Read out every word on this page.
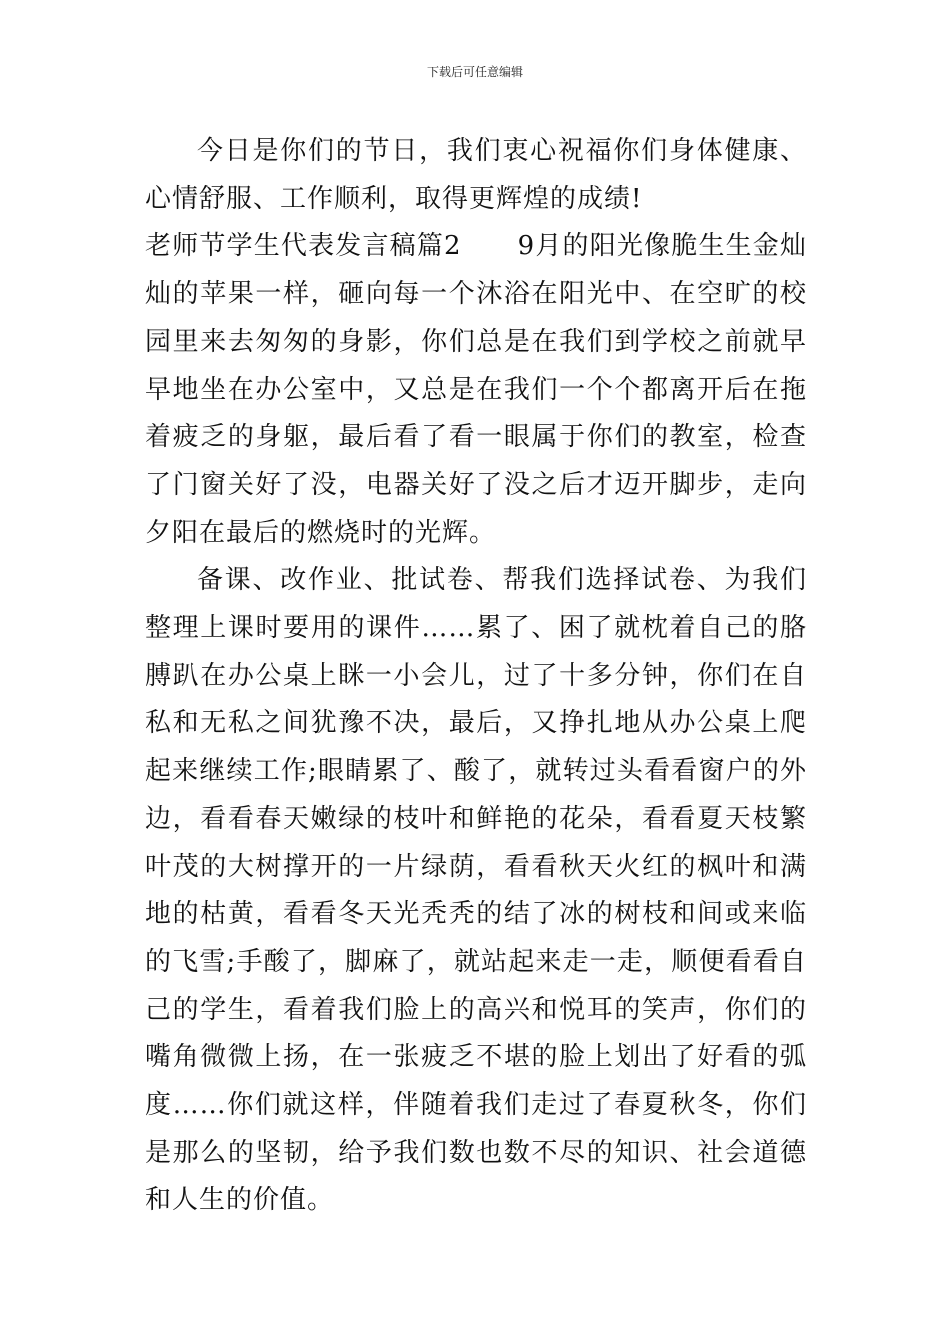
下载后可任意编辑

今日是你们的节日，我们衷心祝福你们身体健康、心情舒服、工作顺利，取得更辉煌的成绩!

老师节学生代表发言稿篇2 9月的阳光像脆生生金灿灿的苹果一样，砸向每一个沐浴在阳光中、在空旷的校园里来去匆匆的身影，你们总是在我们到学校之前就早早地坐在办公室中，又总是在我们一个个都离开后在拖着疲乏的身躯，最后看了看一眼属于你们的教室，检查了门窗关好了没，电器关好了没之后才迈开脚步，走向夕阳在最后的燃烧时的光辉。

备课、改作业、批试卷、帮我们选择试卷、为我们整理上课时要用的课件……累了、困了就枕着自己的胳膊趴在办公桌上眯一小会儿，过了十多分钟，你们在自私和无私之间犹豫不决，最后，又挣扎地从办公桌上爬起来继续工作;眼睛累了、酸了，就转过头看看窗户的外边，看看春天嫩绿的枝叶和鲜艳的花朵，看看夏天枝繁叶茂的大树撑开的一片绿荫，看看秋天火红的枫叶和满地的枯黄，看看冬天光秃秃的结了冰的树枝和间或来临的飞雪;手酸了，脚麻了，就站起来走一走，顺便看看自己的学生，看着我们脸上的高兴和悦耳的笑声，你们的嘴角微微上扬，在一张疲乏不堪的脸上划出了好看的弧度……你们就这样，伴随着我们走过了春夏秋冬，你们是那么的坚韧，给予我们数也数不尽的知识、社会道德和人生的价值。
